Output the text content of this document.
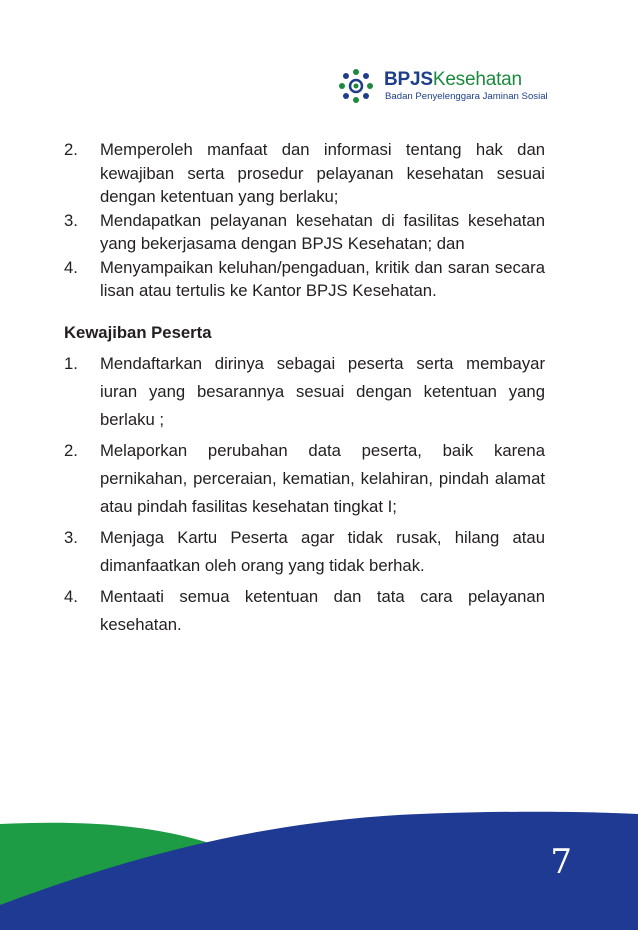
BPJSKesehatan
Badan Penyelenggara Jaminan Sosial
2.	Memperoleh manfaat dan informasi tentang hak dan kewajiban serta prosedur pelayanan kesehatan sesuai dengan ketentuan yang berlaku;
3.	Mendapatkan pelayanan kesehatan di fasilitas kesehatan yang bekerjasama dengan BPJS Kesehatan; dan
4.	Menyampaikan keluhan/pengaduan, kritik dan saran secara lisan atau tertulis ke Kantor BPJS Kesehatan.
Kewajiban Peserta
1.	Mendaftarkan dirinya sebagai peserta serta membayar iuran yang besarannya sesuai dengan ketentuan yang berlaku ;
2.	Melaporkan perubahan data peserta, baik karena pernikahan, perceraian, kematian, kelahiran, pindah alamat atau pindah fasilitas kesehatan tingkat I;
3.	Menjaga Kartu Peserta agar tidak rusak, hilang atau dimanfaatkan oleh orang yang tidak berhak.
4.	Mentaati semua ketentuan dan tata cara pelayanan kesehatan.
7
